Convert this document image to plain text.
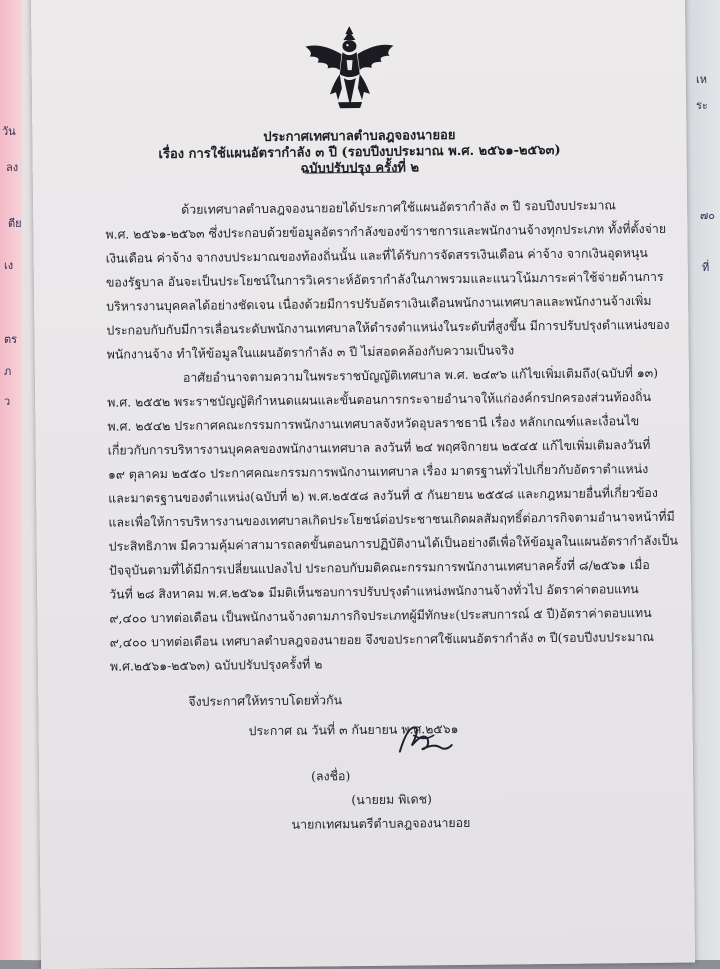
วัน
ลง
ตีย
เง
ตร
ภ
ว
เห
ระ
๗๐
ที่
ประกาศเทศบาลตำบลฎจองนายอย
เรื่อง การใช้แผนอัตรากำลัง ๓ ปี (รอบปีงบประมาณ พ.ศ. ๒๕๖๑-๒๕๖๓)
ฉบับปรับปรุง ครั้งที่ ๒
ด้วยเทศบาลตำบลฎจองนายอยได้ประกาศใช้แผนอัตรากำลัง ๓ ปี รอบปีงบประมาณ
พ.ศ. ๒๕๖๑-๒๕๖๓ ซึ่งประกอบด้วยข้อมูลอัตรากำลังของข้าราชการและพนักงานจ้างทุกประเภท ทั้งที่ตั้งจ่าย
เงินเดือน ค่าจ้าง จากงบประมาณของท้องถิ่นนั้น และที่ได้รับการจัดสรรเงินเดือน ค่าจ้าง จากเงินอุดหนุน
ของรัฐบาล อันจะเป็นประโยชน์ในการวิเคราะห์อัตรากำลังในภาพรวมและแนวโน้มภาระค่าใช้จ่ายด้านการ
บริหารงานบุคคลได้อย่างชัดเจน เนื่องด้วยมีการปรับอัตราเงินเดือนพนักงานเทศบาลและพนักงานจ้างเพิ่ม
ประกอบกับกับมีการเลื่อนระดับพนักงานเทศบาลให้ดำรงตำแหน่งในระดับที่สูงขึ้น มีการปรับปรุงตำแหน่งของ
พนักงานจ้าง ทำให้ข้อมูลในแผนอัตรากำลัง ๓ ปี ไม่สอดคล้องกับความเป็นจริง
อาศัยอำนาจตามความในพระราชบัญญัติเทศบาล พ.ศ. ๒๔๙๖ แก้ไขเพิ่มเติมถึง(ฉบับที่ ๑๓)
พ.ศ. ๒๕๕๒ พระราชบัญญัติกำหนดแผนและขั้นตอนการกระจายอำนาจให้แก่องค์กรปกครองส่วนท้องถิ่น
พ.ศ. ๒๕๔๒ ประกาศคณะกรรมการพนักงานเทศบาลจังหวัดอุบลราชธานี เรื่อง หลักเกณฑ์และเงื่อนไข
เกี่ยวกับการบริหารงานบุคคลของพนักงานเทศบาล ลงวันที่ ๒๔ พฤศจิกายน ๒๕๔๕ แก้ไขเพิ่มเติมลงวันที่
๑๙ ตุลาคม ๒๕๕๐ ประกาศคณะกรรมการพนักงานเทศบาล เรื่อง มาตรฐานทั่วไปเกี่ยวกับอัตราตำแหน่ง
และมาตรฐานของตำแหน่ง(ฉบับที่ ๒) พ.ศ.๒๕๕๘ ลงวันที่ ๕ กันยายน ๒๕๕๘ และกฎหมายอื่นที่เกี่ยวข้อง
และเพื่อให้การบริหารงานของเทศบาลเกิดประโยชน์ต่อประชาชนเกิดผลสัมฤทธิ์ต่อภารกิจตามอำนาจหน้าที่มี
ประสิทธิภาพ มีความคุ้มค่าสามารถลดขั้นตอนการปฏิบัติงานได้เป็นอย่างดีเพื่อให้ข้อมูลในแผนอัตรากำลังเป็น
ปัจจุบันตามที่ได้มีการเปลี่ยนแปลงไป ประกอบกับมติคณะกรรมการพนักงานเทศบาลครั้งที่ ๘/๒๕๖๑ เมื่อ
วันที่ ๒๘ สิงหาคม พ.ศ.๒๕๖๑ มีมติเห็นชอบการปรับปรุงตำแหน่งพนักงานจ้างทั่วไป อัตราค่าตอบแทน
๙,๔๐๐ บาทต่อเดือน เป็นพนักงานจ้างตามภารกิจประเภทผู้มีทักษะ(ประสบการณ์ ๕ ปี)อัตราค่าตอบแทน
๙,๔๐๐ บาทต่อเดือน เทศบาลตำบลฎจองนายอย จึงขอประกาศใช้แผนอัตรากำลัง ๓ ปี(รอบปีงบประมาณ
พ.ศ.๒๕๖๑-๒๕๖๓) ฉบับปรับปรุงครั้งที่ ๒
จึงประกาศให้ทราบโดยทั่วกัน
ประกาศ ณ วันที่ ๓ กันยายน พ.ศ.๒๕๖๑
(ลงชื่อ)
(นายยม พิเดช)
นายกเทศมนตรีตำบลฎจองนายอย
